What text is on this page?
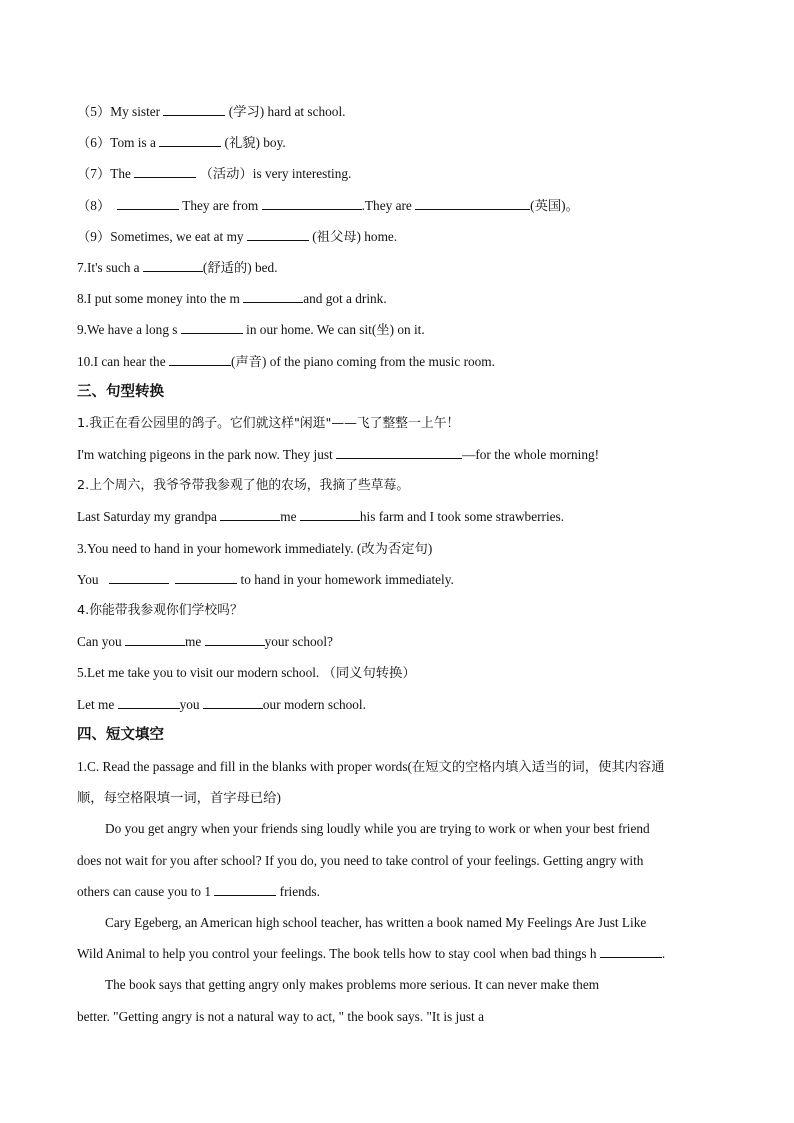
（5）My sister	(学习) hard at school.
（6）Tom is a	(礼貌) boy.
（7）The	（活动）is very interesting.
（8）	They are from	.They are	(英国)。
（9）Sometimes, we eat at my	(祖父母) home.
7.It's such a	(舒适的) bed.
8.I put some money into the m	and got a drink.
9.We have a long s	in our home. We can sit(坐) on it.
10.I can hear the	(声音) of the piano coming from the music room.
三、句型转换
1.我正在看公园里的鸽子。它们就这样"闲逛"——飞了整整一上午！
I'm watching pigeons in the park now. They just	—for the whole morning!
2.上个周六，我爷爷带我参观了他的农场，我摘了些草莓。
Last Saturday my grandpa	me	his farm and I took some strawberries.
3.You need to hand in your homework immediately. (改为否定句)
You	to hand in your homework immediately.
4.你能带我参观你们学校吗？
Can you	me	your school?
5.Let me take you to visit our modern school. （同义句转换）
Let me	you	our modern school.
四、短文填空
1.C. Read the passage and fill in the blanks with proper words(在短文的空格内填入适当的词，使其内容通
顺，每空格限填一词，首字母已给)
Do you get angry when your friends sing loudly while you are trying to work or when your best friend
does not wait for you after school? If you do, you need to take control of your feelings. Getting angry with
others can cause you to 1	friends.
Cary Egeberg, an American high school teacher, has written a book named My Feelings Are Just Like
Wild Animal to help you control your feelings. The book tells how to stay cool when bad things h	.
The book says that getting angry only makes problems more serious. It can never make them
better. "Getting angry is not a natural way to act, " the book says. "It is just a
